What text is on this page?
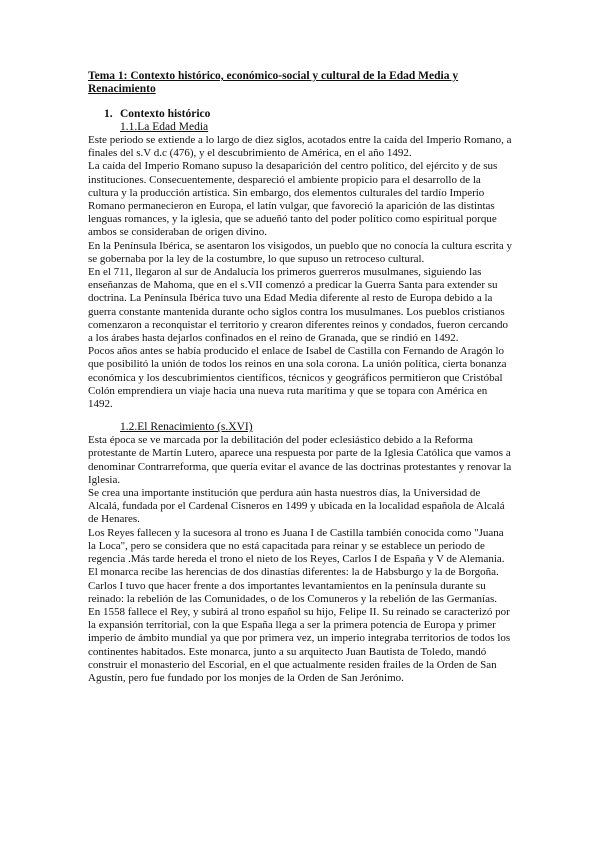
Tema 1: Contexto histórico, económico-social y cultural de la Edad Media y Renacimiento
1. Contexto histórico
1.1.La Edad Media

Este periodo se extiende a lo largo de diez siglos, acotados entre la caída del Imperio Romano, a finales del s.V d.c (476), y el descubrimiento de América, en el año 1492.

La caída del Imperio Romano supuso la desaparición del centro político, del ejército y de sus instituciones. Consecuentemente, despareció el ambiente propicio para el desarrollo de la cultura y la producción artística. Sin embargo, dos elementos culturales del tardío Imperio Romano permanecieron en Europa, el latín vulgar, que favoreció la aparición de las distintas lenguas romances, y la iglesia, que se adueñó tanto del poder político como espiritual porque ambos se consideraban de origen divino.

En la Península Ibérica, se asentaron los visigodos, un pueblo que no conocía la cultura escrita y se gobernaba por la ley de la costumbre, lo que supuso un retroceso cultural.

En el 711, llegaron al sur de Andalucía los primeros guerreros musulmanes, siguiendo las enseñanzas de Mahoma, que en el s.VII comenzó a predicar la Guerra Santa para extender su doctrina. La Península Ibérica tuvo una Edad Media diferente al resto de Europa debido a la guerra constante mantenida durante ocho siglos contra los musulmanes. Los pueblos cristianos comenzaron a reconquistar el territorio y crearon diferentes reinos y condados, fueron cercando a los árabes hasta dejarlos confinados en el reino de Granada, que se rindió en 1492.

Pocos años antes se había producido el enlace de Isabel de Castilla con Fernando de Aragón lo que posibilitó la unión de todos los reinos en una sola corona. La unión política, cierta bonanza económica y los descubrimientos científicos, técnicos y geográficos permitieron que Cristóbal Colón emprendiera un viaje hacia una nueva ruta marítima y que se topara con América en 1492.

1.2.El Renacimiento (s.XVI)

Esta época se ve marcada por la debilitación del poder eclesiástico debido a la Reforma protestante de Martín Lutero, aparece una respuesta por parte de la Iglesia Católica que vamos a denominar Contrarreforma, que quería evitar el avance de las doctrinas protestantes y renovar la Iglesia.

Se crea una importante institución que perdura aún hasta nuestros días, la Universidad de Alcalá, fundada por el Cardenal Cisneros en 1499 y ubicada en la localidad española de Alcalá de Henares.

Los Reyes fallecen y la sucesora al trono es Juana I de Castilla también conocida como "Juana la Loca", pero se considera que no está capacitada para reinar y se establece un periodo de regencia .Más tarde hereda el trono el nieto de los Reyes, Carlos I de España y V de Alemania. El monarca recibe las herencias de dos dinastías diferentes: la de Habsburgo y la de Borgoña. Carlos I tuvo que hacer frente a dos importantes levantamientos en la península durante su reinado: la rebelión de las Comunidades, o de los Comuneros y la rebelión de las Germanías.

En 1558 fallece el Rey, y subirá al trono español su hijo, Felipe II. Su reinado se caracterizó por la expansión territorial, con la que España llega a ser la primera potencia de Europa y primer imperio de ámbito mundial ya que por primera vez, un imperio integraba territorios de todos los continentes habitados. Este monarca, junto a su arquitecto Juan Bautista de Toledo, mandó construir el monasterio del Escorial, en el que actualmente residen frailes de la Orden de San Agustín, pero fue fundado por los monjes de la Orden de San Jerónimo.
